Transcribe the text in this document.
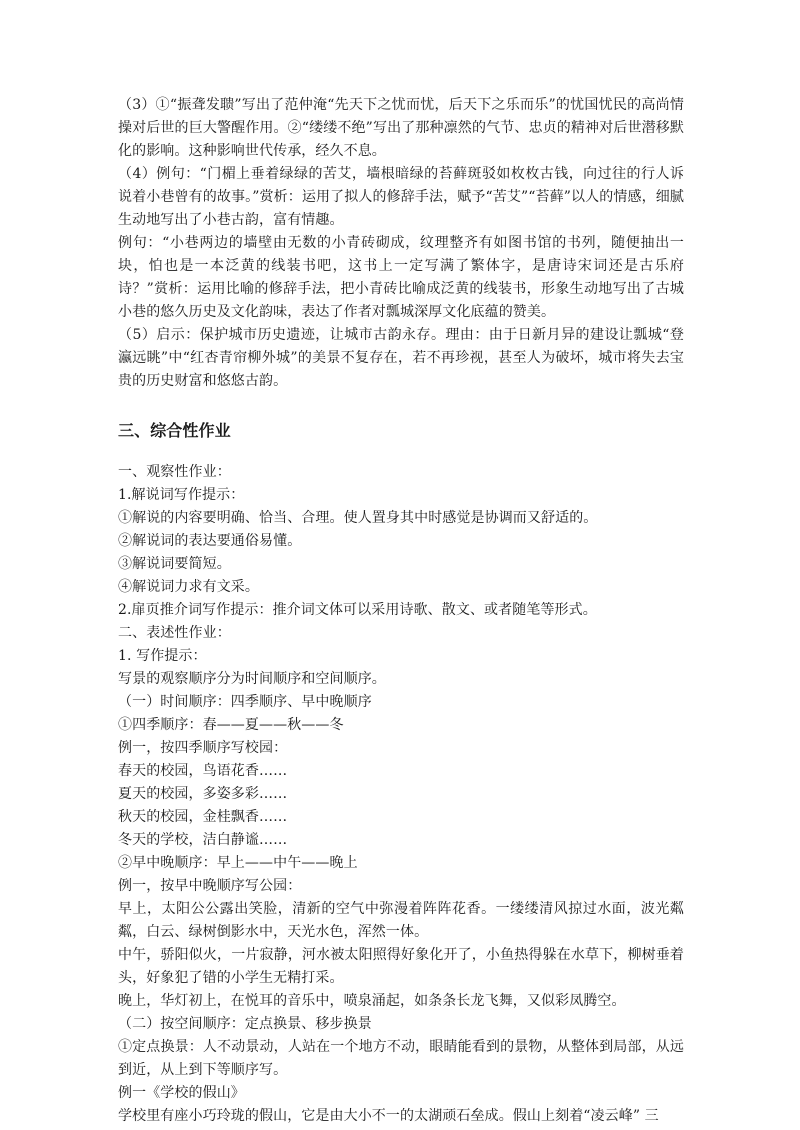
（3）①“振聋发聩”写出了范仲淹“先天下之忧而忧，后天下之乐而乐”的忧国忧民的高尚情操对后世的巨大警醒作用。②“缕缕不绝”写出了那种凛然的气节、忠贞的精神对后世潜移默化的影响。这种影响世代传承，经久不息。

（4）例句：“门楣上垂着绿绿的苦艾，墙根暗绿的苔藓斑驳如枚枚古钱，向过往的行人诉说着小巷曾有的故事。”赏析：运用了拟人的修辞手法，赋予“苦艾”“苔藓”以人的情感，细腻生动地写出了小巷古韵，富有情趣。

例句：“小巷两边的墙壁由无数的小青砖砌成，纹理整齐有如图书馆的书列，随便抽出一块，怕也是一本泛黄的线装书吧，这书上一定写满了繁体字，是唐诗宋词还是古乐府诗？”赏析：运用比喻的修辞手法，把小青砖比喻成泛黄的线装书，形象生动地写出了古城小巷的悠久历史及文化韵味，表达了作者对瓢城深厚文化底蕴的赞美。

（5）启示：保护城市历史遗迹，让城市古韵永存。理由：由于日新月异的建设让瓢城“登瀛远眺”中“红杏青帘柳外城”的美景不复存在，若不再珍视，甚至人为破坏，城市将失去宝贵的历史财富和悠悠古韵。

三、综合性作业

一、观察性作业：

1.解说词写作提示：

①解说的内容要明确、恰当、合理。使人置身其中时感觉是协调而又舒适的。

②解说词的表达要通俗易懂。

③解说词要简短。

④解说词力求有文采。

2.扉页推介词写作提示：推介词文体可以采用诗歌、散文、或者随笔等形式。

二、表述性作业：

1. 写作提示：

写景的观察顺序分为时间顺序和空间顺序。

（一）时间顺序：四季顺序、早中晚顺序

①四季顺序：春——夏——秋——冬

例一，按四季顺序写校园：

春天的校园，鸟语花香……

夏天的校园，多姿多彩……

秋天的校园，金桂飘香……

冬天的学校，洁白静谧……

②早中晚顺序：早上——中午——晚上

例一，按早中晚顺序写公园：

早上，太阳公公露出笑脸，清新的空气中弥漫着阵阵花香。一缕缕清风掠过水面，波光粼粼，白云、绿树倒影水中，天光水色，浑然一体。

中午，骄阳似火，一片寂静，河水被太阳照得好象化开了，小鱼热得躲在水草下，柳树垂着头，好象犯了错的小学生无精打采。

晚上，华灯初上，在悦耳的音乐中，喷泉涌起，如条条长龙飞舞，又似彩凤腾空。

（二）按空间顺序：定点换景、移步换景

①定点换景：人不动景动，人站在一个地方不动，眼睛能看到的景物，从整体到局部，从远到近，从上到下等顺序写。

例一《学校的假山》

学校里有座小巧玲珑的假山，它是由大小不一的太湖顽石垒成。假山上刻着“凌云峰” 三
